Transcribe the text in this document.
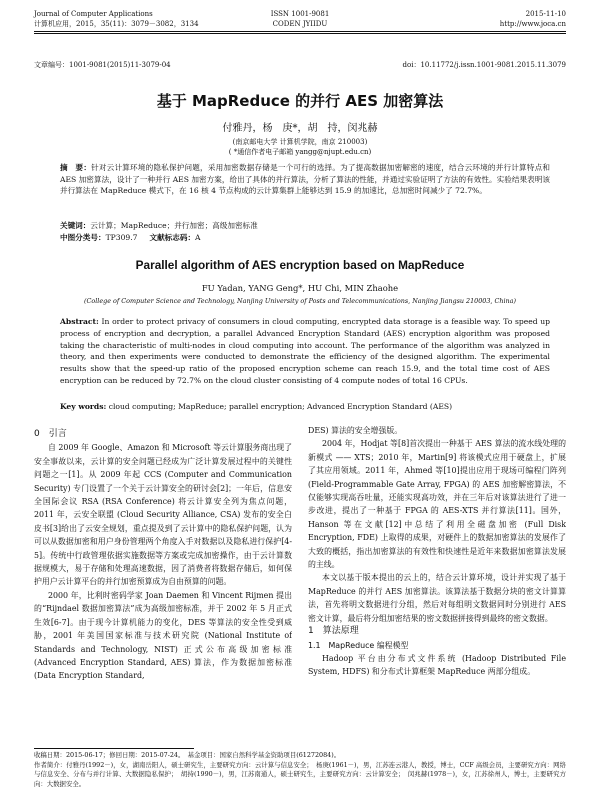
Journal of Computer Applications
计算机应用，2015，35(11)：3079－3082，3134
ISSN 1001-9081
CODEN JYIIDU
2015-11-10
http://www.joca.cn
文章编号：1001-9081(2015)11-3079-04	doi：10.11772/j.issn.1001-9081.2015.11.3079
基于 MapReduce 的并行 AES 加密算法
付雅丹，杨　庚*，胡　持，闵兆赫
(南京邮电大学 计算机学院，南京 210003)
( *通信作者电子邮箱 yangg@njupt.edu.cn)
摘　要：针对云计算环境的隐私保护问题，采用加密数据存储是一个可行的选择。为了提高数据加密解密的速度，结合云环境的并行计算特点和 AES 加密算法，设计了一种并行 AES 加密方案，给出了具体的并行算法，分析了算法的性能，并通过实验证明了方法的有效性。实验结果表明该并行算法在 MapReduce 模式下，在 16 核 4 节点构成的云计算集群上能够达到 15.9 的加速比，总加密时间减少了 72.7%。
关键词：云计算；MapReduce；并行加密；高级加密标准
中图分类号：TP309.7 文献标志码：A
Parallel algorithm of AES encryption based on MapReduce
FU Yadan, YANG Geng*, HU Chi, MIN Zhaohe
(College of Computer Science and Technology, Nanjing University of Posts and Telecommunications, Nanjing Jiangsu 210003, China)
Abstract: In order to protect privacy of consumers in cloud computing, encrypted data storage is a feasible way. To speed up process of encryption and decryption, a parallel Advanced Encryption Standard (AES) encryption algorithm was proposed taking the characteristic of multi-nodes in cloud computing into account. The performance of the algorithm was analyzed in theory, and then experiments were conducted to demonstrate the efficiency of the designed algorithm. The experimental results show that the speed-up ratio of the proposed encryption scheme can reach 15.9, and the total time cost of AES encryption can be reduced by 72.7% on the cloud cluster consisting of 4 compute nodes of total 16 CPUs.
Key words: cloud computing; MapReduce; parallel encryption; Advanced Encryption Standard (AES)

0　引言

自 2009 年 Google、Amazon 和 Microsoft 等云计算服务商出现了安全事故以来，云计算的安全问题已经成为广泛计算发展过程中的关键性问题之一[1]。从 2009 年起 CCS (Computer and Communication Security) 专门设置了一个关于云计算安全的研讨会[2]；一年后，信息安全国际会议 RSA (RSA Conference) 将云计算安全列为焦点问题，2011 年，云安全联盟 (Cloud Security Alliance, CSA) 发布的安全白皮书[3]给出了云安全规划，重点提及到了云计算中的隐私保护问题，认为可以从数据加密和用户身份管理两个角度入手对数据以及隐私进行保护[4-5]。传统中行政管理依据实施数据等方案或完成加密操作，由于云计算数据规模大，易于存储和处理高速数据，因了消费者将数据存储后，如何保护用户云计算平台的并行加密预算成为自由预算的问题。

2000 年，比利时密码学家 Joan Daemen 和 Vincent Rijmen 提出的“Rijndael 数据加密算法”成为高级加密标准，并于 2002 年 5 月正式生效[6-7]。由于现今计算机能力的变化，DES 等算法的安全性受到威胁，2001 年美国国家标准与技术研究院 (National Institute of Standards and Technology, NIST) 正式公布高级加密标准 (Advanced Encryption Standard, AES) 算法，作为数据加密标准 (Data Encryption Standard,

DES) 算法的安全增强版。

2004 年，Hodjat 等[8]首次提出一种基于 AES 算法的流水线处理的新模式 —— XTS；2010 年，Martin[9] 将该模式应用于硬盘上，扩展了其应用领域。2011 年，Ahmed 等[10]提出应用于现场可编程门阵列 (Field-Programmable Gate Array, FPGA) 的 AES 加密解密算法，不仅能够实现高吞吐量，还能实现高功效，并在三年后对该算法进行了进一步改进，提出了一种基于 FPGA 的 AES-XTS 并行算法[11]。国外，Hanson 等在文献[12]中总结了利用全磁盘加密 (Full Disk Encryption, FDE) 上取得的成果，对硬件上的数据加密算法的发展作了大致的概括，指出加密算法的有效性和快速性是近年来数据加密算法发展的主线。

本文以基于版本提出的云上的，结合云计算环境，设计并实现了基于 MapReduce 的并行 AES 加密算法。该算法基于数据分块的密文计算算法，首先将明文数据进行分组，然后对每组明文数据同时分别进行 AES 密文计算，最后将分组加密结果的密文数据拼接得到最终的密文数据。

1　算法原理

1.1　MapReduce 编程模型

Hadoop 平台由分布式文件系统 (Hadoop Distributed File System, HDFS) 和分布式计算框架 MapReduce 两部分组成。

收稿日期：2015-06-17；修回日期：2015-07-24。　基金项目：国家自然科学基金资助项目(61272084)。
作者简介：付雅丹(1992－)，女，湖南岳阳人，硕士研究生，主要研究方向：云计算与信息安全；　杨庚(1961－)，男，江苏连云港人，教授，博士，CCF 高级会员，主要研究方向：网络与信息安全、分布与并行计算、大数据隐私保护；　胡持(1990－)，男，江苏南通人，硕士研究生，主要研究方向：云计算安全；　闵兆赫(1978－)，女，江苏徐州人，博士，主要研究方向：大数据安全。
